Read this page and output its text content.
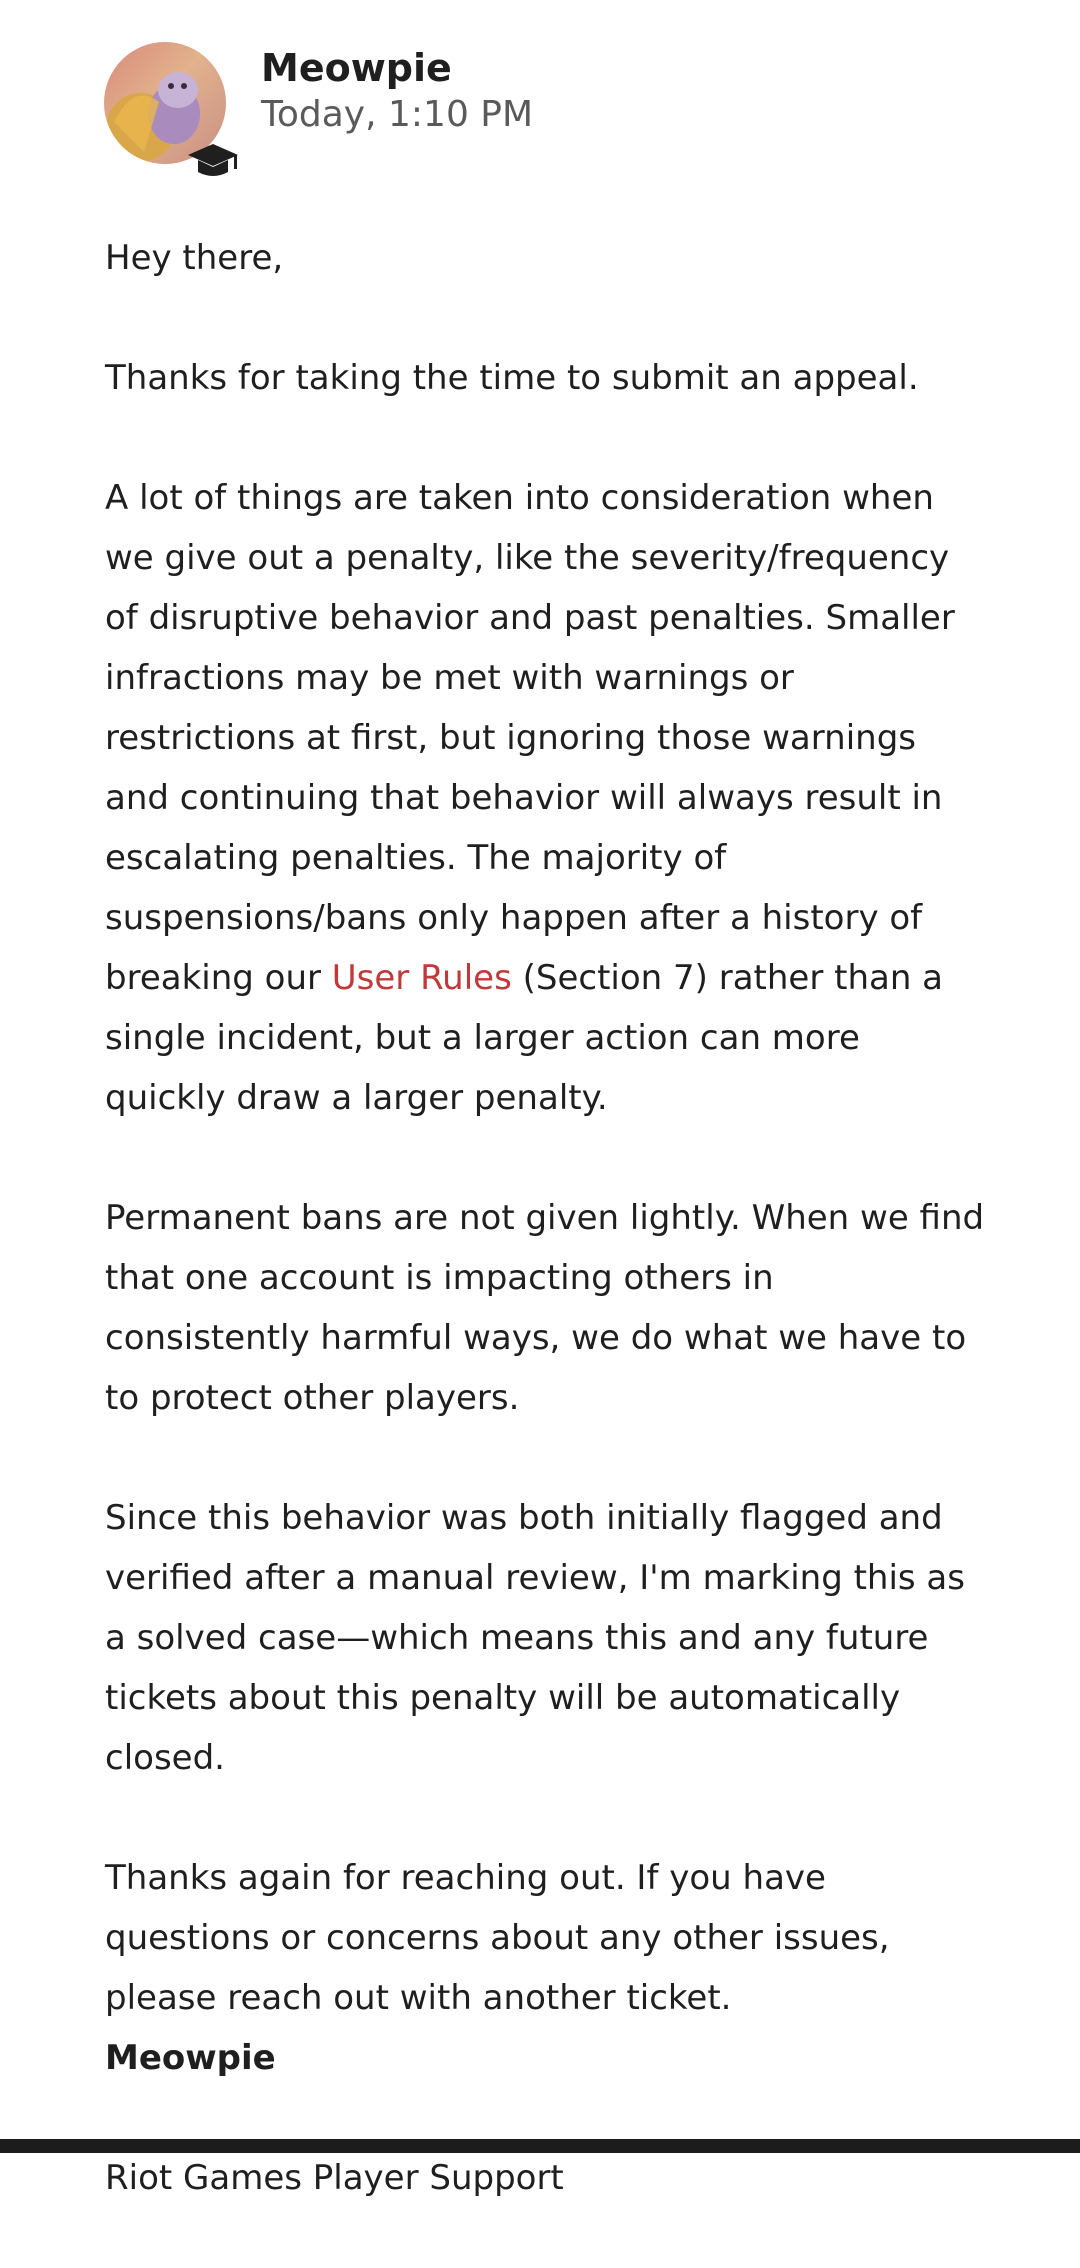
Meowpie
Today, 1:10 PM

Hey there,

Thanks for taking the time to submit an appeal.

A lot of things are taken into consideration when we give out a penalty, like the severity/frequency of disruptive behavior and past penalties. Smaller infractions may be met with warnings or restrictions at first, but ignoring those warnings and continuing that behavior will always result in escalating penalties. The majority of suspensions/bans only happen after a history of breaking our User Rules (Section 7) rather than a single incident, but a larger action can more quickly draw a larger penalty.

Permanent bans are not given lightly. When we find that one account is impacting others in consistently harmful ways, we do what we have to to protect other players.

Since this behavior was both initially flagged and verified after a manual review, I'm marking this as a solved case—which means this and any future tickets about this penalty will be automatically closed.

Thanks again for reaching out. If you have questions or concerns about any other issues, please reach out with another ticket.

Meowpie

Riot Games Player Support
